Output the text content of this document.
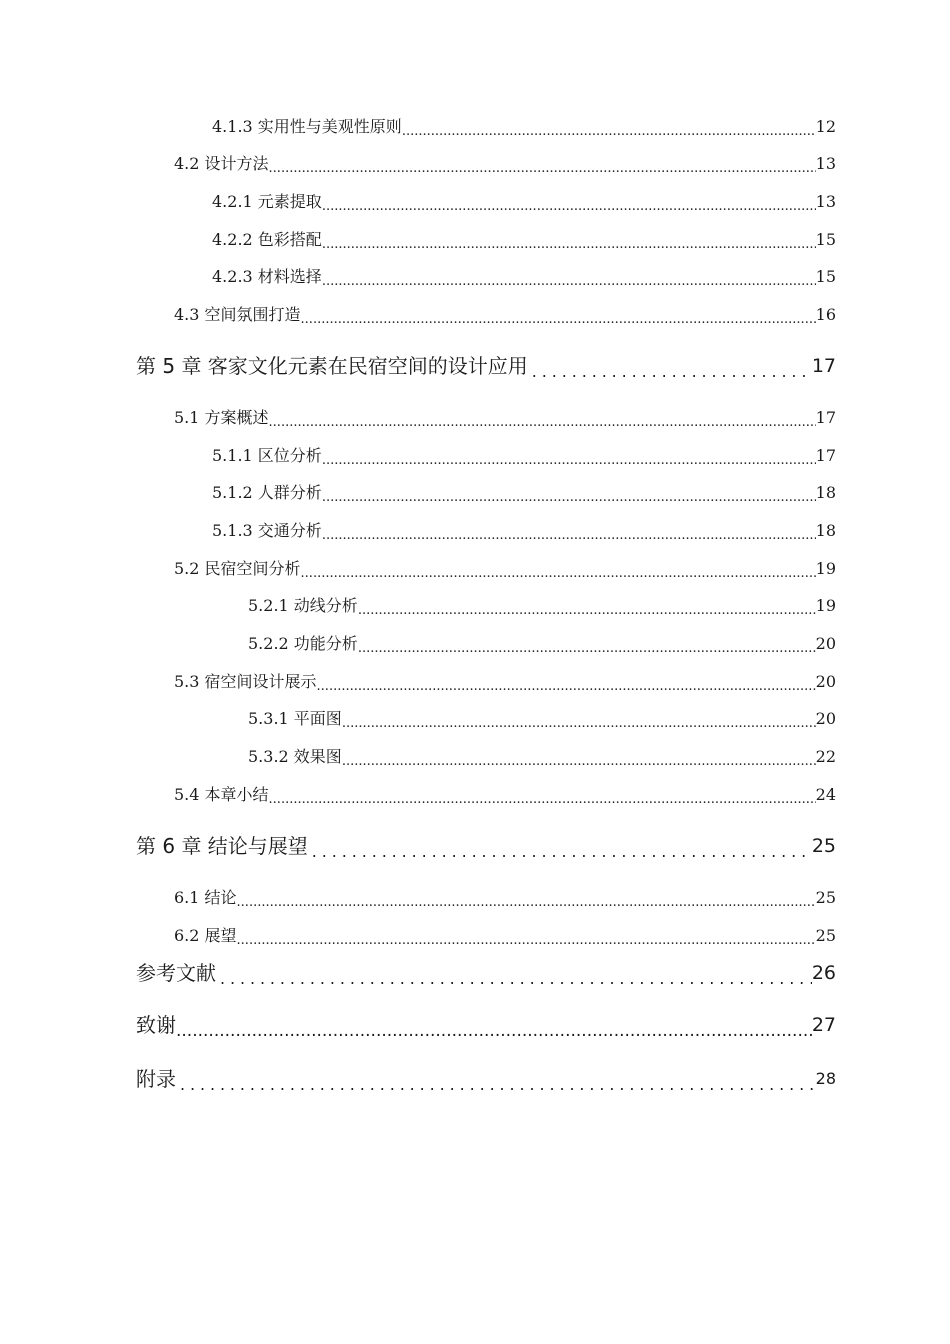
4.1.3 实用性与美观性原则 .....	12
4.2 设计方法 .....	13
4.2.1 元素提取 .....	13
4.2.2 色彩搭配 .....	15
4.2.3 材料选择 .....	15
4.3 空间氛围打造 .....	16
第 5 章 客家文化元素在民宿空间的设计应用 .....	17
5.1 方案概述 .....	17
5.1.1 区位分析 .....	17
5.1.2 人群分析 .....	18
5.1.3 交通分析 .....	18
5.2 民宿空间分析 .....	19
5.2.1 动线分析 .....	19
5.2.2 功能分析 .....	20
5.3 宿空间设计展示 .....	20
5.3.1 平面图 .....	20
5.3.2 效果图 .....	22
5.4 本章小结 .....	24
第 6 章 结论与展望 .....	25
6.1 结论 .....	25
6.2 展望 .....	25
参考文献 .....	26
致谢 .....	27
附录 .....	28
